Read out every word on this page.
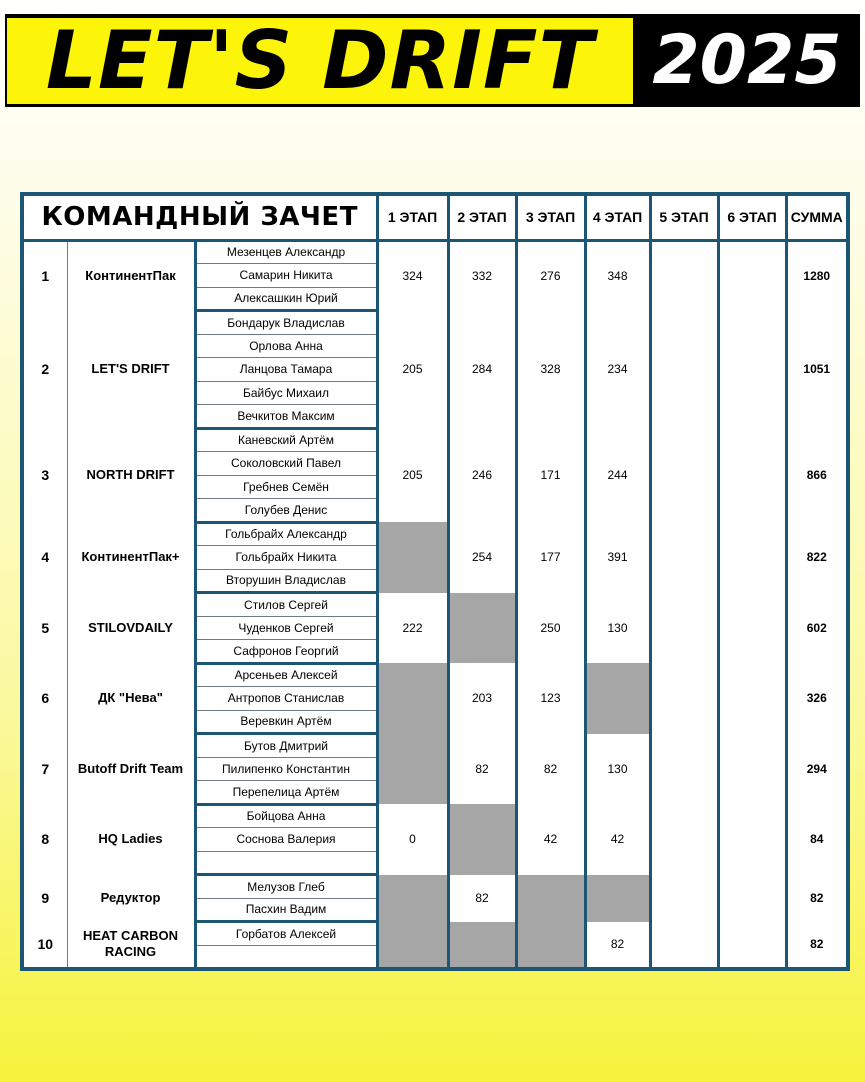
LET'S DRIFT 2025
КОМАНДНЫЙ ЗАЧЕТ			1 ЭТАП	2 ЭТАП	3 ЭТАП	4 ЭТАП	5 ЭТАП	6 ЭТАП	СУММА
1	КонтинентПак	Мезенцев Александр	324	332	276	348			1280
		Самарин Никита							
		Алексашкин Юрий							
2	LET'S DRIFT	Бондарук Владислав	205	284	328	234			1051
		Орлова Анна							
		Ланцова Тамара							
		Байбус Михаил							
		Вечкитов Максим							
3	NORTH DRIFT	Каневский Артём	205	246	171	244			866
		Соколовский Павел							
		Гребнев Семён							
		Голубев Денис							
4	КонтинентПак+	Гольбрайх Александр		254	177	391			822
		Гольбрайх Никита							
		Вторушин Владислав							
5	STILOVDAILY	Стилов Сергей	222		250	130			602
		Чуденков Сергей							
		Сафронов Георгий							
6	ДК "Нева"	Арсеньев Алексей		203	123				326
		Антропов Станислав							
		Веревкин Артём							
7	Butoff Drift Team	Бутов Дмитрий		82	82	130			294
		Пилипенко Константин							
		Перепелица Артём							
8	HQ Ladies	Бойцова Анна	0		42	42			84
		Соснова Валерия							

9	Редуктор	Мелузов Глеб		82					82
		Пасхин Вадим							
10	HEAT CARBON RACING	Горбатов Алексей				82			82
